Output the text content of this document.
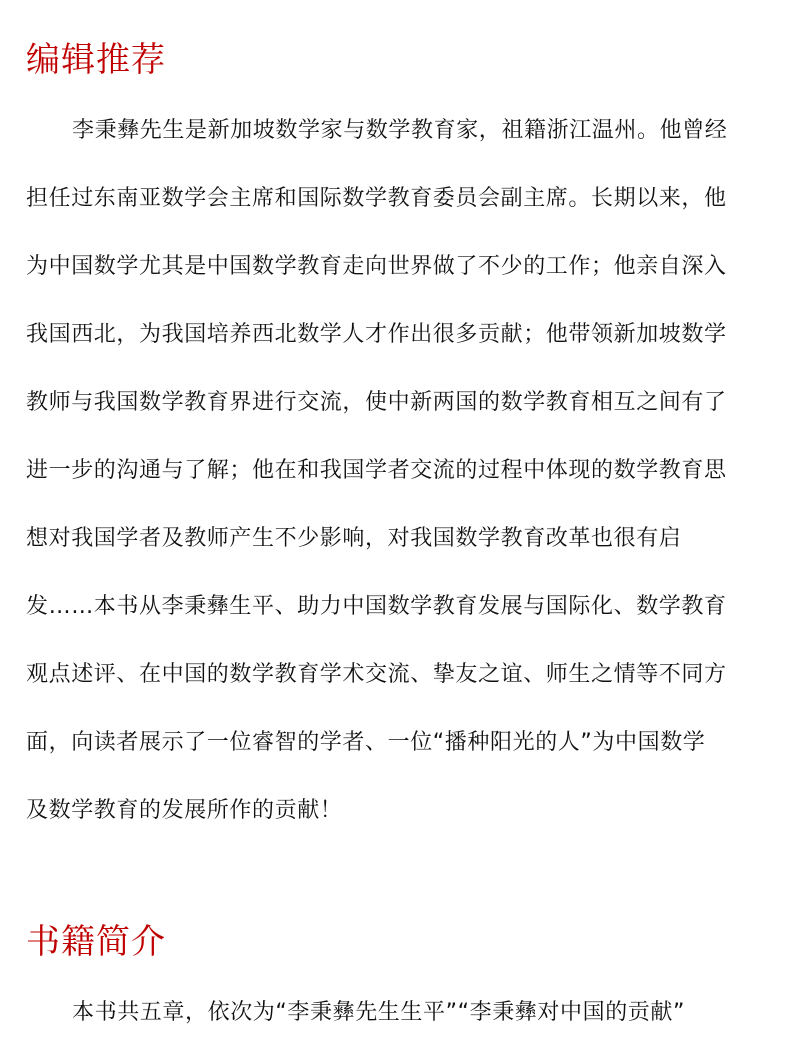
编辑推荐
李秉彝先生是新加坡数学家与数学教育家，祖籍浙江温州。他曾经
担任过东南亚数学会主席和国际数学教育委员会副主席。长期以来，他
为中国数学尤其是中国数学教育走向世界做了不少的工作；他亲自深入
我国西北，为我国培养西北数学人才作出很多贡献；他带领新加坡数学
教师与我国数学教育界进行交流，使中新两国的数学教育相互之间有了
进一步的沟通与了解；他在和我国学者交流的过程中体现的数学教育思
想对我国学者及教师产生不少影响，对我国数学教育改革也很有启
发……本书从李秉彝生平、助力中国数学教育发展与国际化、数学教育
观点述评、在中国的数学教育学术交流、挚友之谊、师生之情等不同方
面，向读者展示了一位睿智的学者、一位“播种阳光的人”为中国数学
及数学教育的发展所作的贡献！
书籍简介
本书共五章，依次为“李秉彝先生生平”“李秉彝对中国的贡献”
